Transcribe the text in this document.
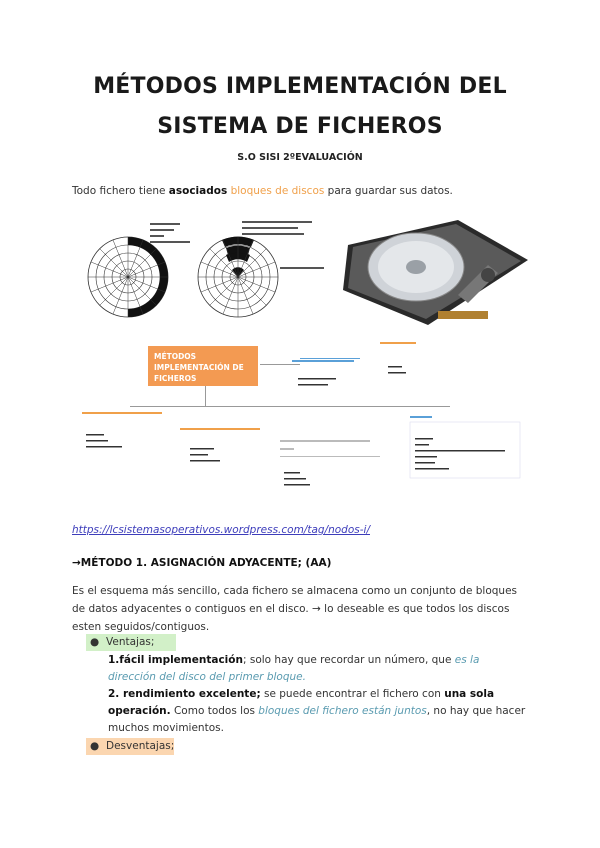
MÉTODOS IMPLEMENTACIÓN DEL
SISTEMA DE FICHEROS
S.O SISI 2ºEVALUACIÓN
Todo fichero tiene asociados bloques de discos para guardar sus datos.
MÉTODOS IMPLEMENTACIÓN DE FICHEROS
https://lcsistemasoperativos.wordpress.com/tag/nodos-i/
→MÉTODO 1. ASIGNACIÓN ADYACENTE; (AA)
Es el esquema más sencillo, cada fichero se almacena como un conjunto de bloques de datos adyacentes o contiguos en el disco. → lo deseable es que todos los discos esten seguidos/contiguos.
● Ventajas;
1.fácil implementación; solo hay que recordar un número, que es la dirección del disco del primer bloque.
2. rendimiento excelente; se puede encontrar el fichero con una sola operación. Como todos los bloques del fichero están juntos, no hay que hacer muchos movimientos.
● Desventajas;
